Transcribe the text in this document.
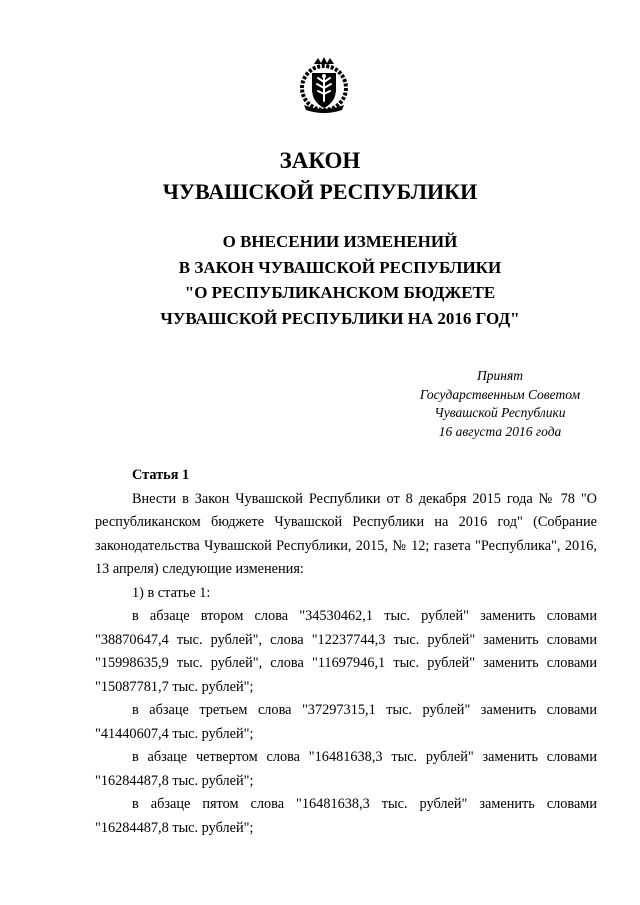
ЗАКОН
ЧУВАШСКОЙ РЕСПУБЛИКИ
О ВНЕСЕНИИ ИЗМЕНЕНИЙ
В ЗАКОН ЧУВАШСКОЙ РЕСПУБЛИКИ
"О РЕСПУБЛИКАНСКОМ БЮДЖЕТЕ
ЧУВАШСКОЙ РЕСПУБЛИКИ НА 2016 ГОД"
Принят
Государственным Советом
Чувашской Республики
16 августа 2016 года
Статья 1

Внести в Закон Чувашской Республики от 8 декабря 2015 года № 78 "О республиканском бюджете Чувашской Республики на 2016 год" (Собрание законодательства Чувашской Республики, 2015, № 12; газета "Республика", 2016, 13 апреля) следующие изменения:

1) в статье 1:

в абзаце втором слова "34530462,1 тыс. рублей" заменить словами "38870647,4 тыс. рублей", слова "12237744,3 тыс. рублей" заменить словами "15998635,9 тыс. рублей", слова "11697946,1 тыс. рублей" заменить словами "15087781,7 тыс. рублей";

в абзаце третьем слова "37297315,1 тыс. рублей" заменить словами "41440607,4 тыс. рублей";

в абзаце четвертом слова "16481638,3 тыс. рублей" заменить словами "16284487,8 тыс. рублей";

в абзаце пятом слова "16481638,3 тыс. рублей" заменить словами "16284487,8 тыс. рублей";
